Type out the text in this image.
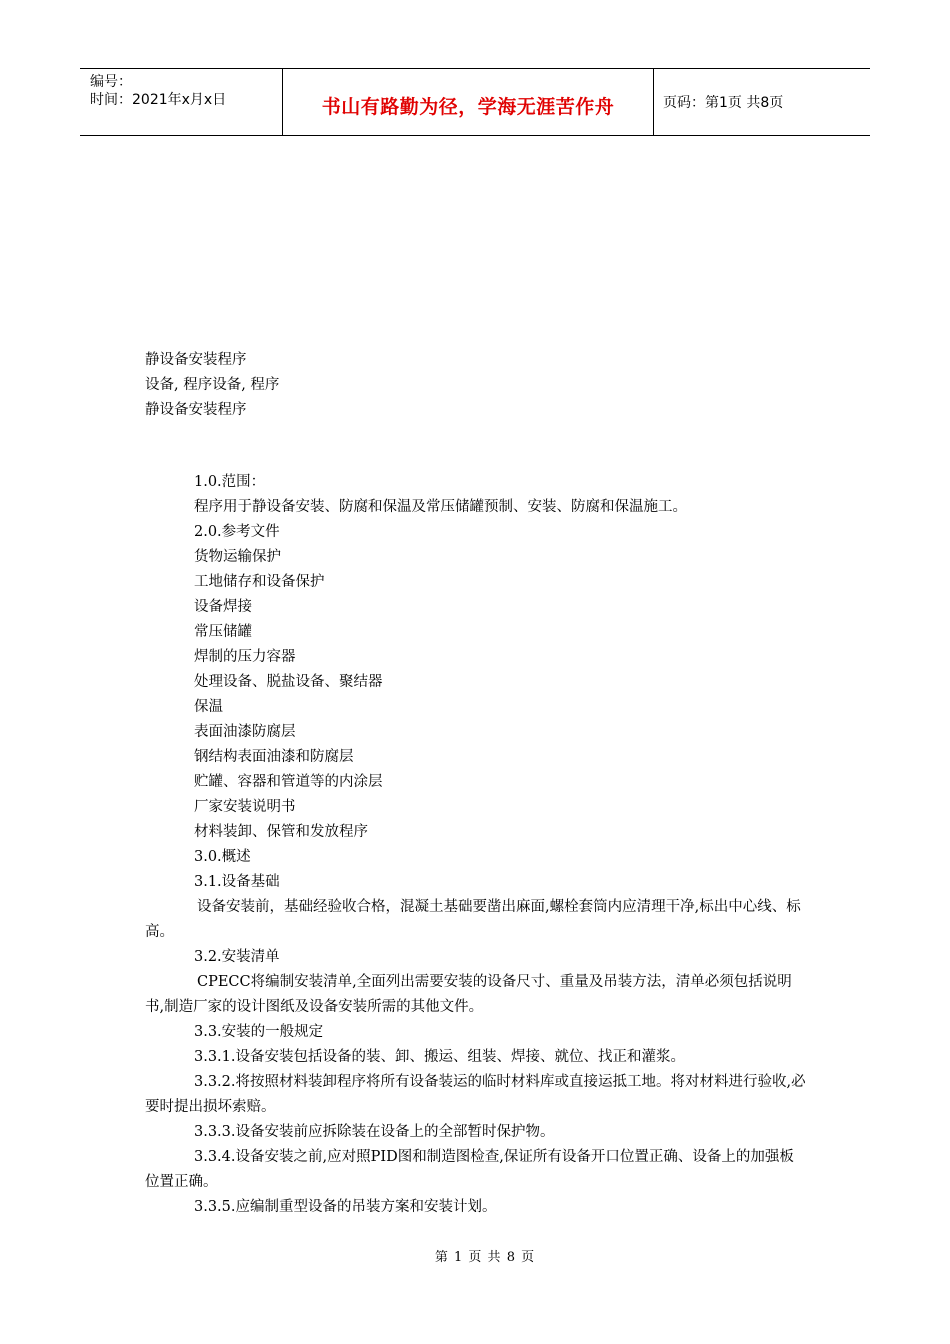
编号：
时间：2021年x月x日	书山有路勤为径，学海无涯苦作舟	页码：第1页 共8页
静设备安装程序
设备, 程序设备, 程序
静设备安装程序

1.0.范围：

程序用于静设备安装、防腐和保温及常压储罐预制、安装、防腐和保温施工。

2.0.参考文件

货物运输保护

工地储存和设备保护

设备焊接

常压储罐

焊制的压力容器

处理设备、脱盐设备、聚结器

保温

表面油漆防腐层

钢结构表面油漆和防腐层

贮罐、容器和管道等的内涂层

厂家安装说明书

材料装卸、保管和发放程序

3.0.概述

3.1.设备基础

设备安装前，基础经验收合格，混凝土基础要凿出麻面,螺栓套筒内应清理干净,标出中心线、标高。

3.2.安装清单

CPECC将编制安装清单,全面列出需要安装的设备尺寸、重量及吊装方法，清单必须包括说明书,制造厂家的设计图纸及设备安装所需的其他文件。

3.3.安装的一般规定

3.3.1.设备安装包括设备的装、卸、搬运、组装、焊接、就位、找正和灌浆。

3.3.2.将按照材料装卸程序将所有设备装运的临时材料库或直接运抵工地。将对材料进行验收,必要时提出损坏索赔。

3.3.3.设备安装前应拆除装在设备上的全部暂时保护物。

3.3.4.设备安装之前,应对照PID图和制造图检查,保证所有设备开口位置正确、设备上的加强板位置正确。

3.3.5.应编制重型设备的吊装方案和安装计划。

第 1 页 共 8 页
